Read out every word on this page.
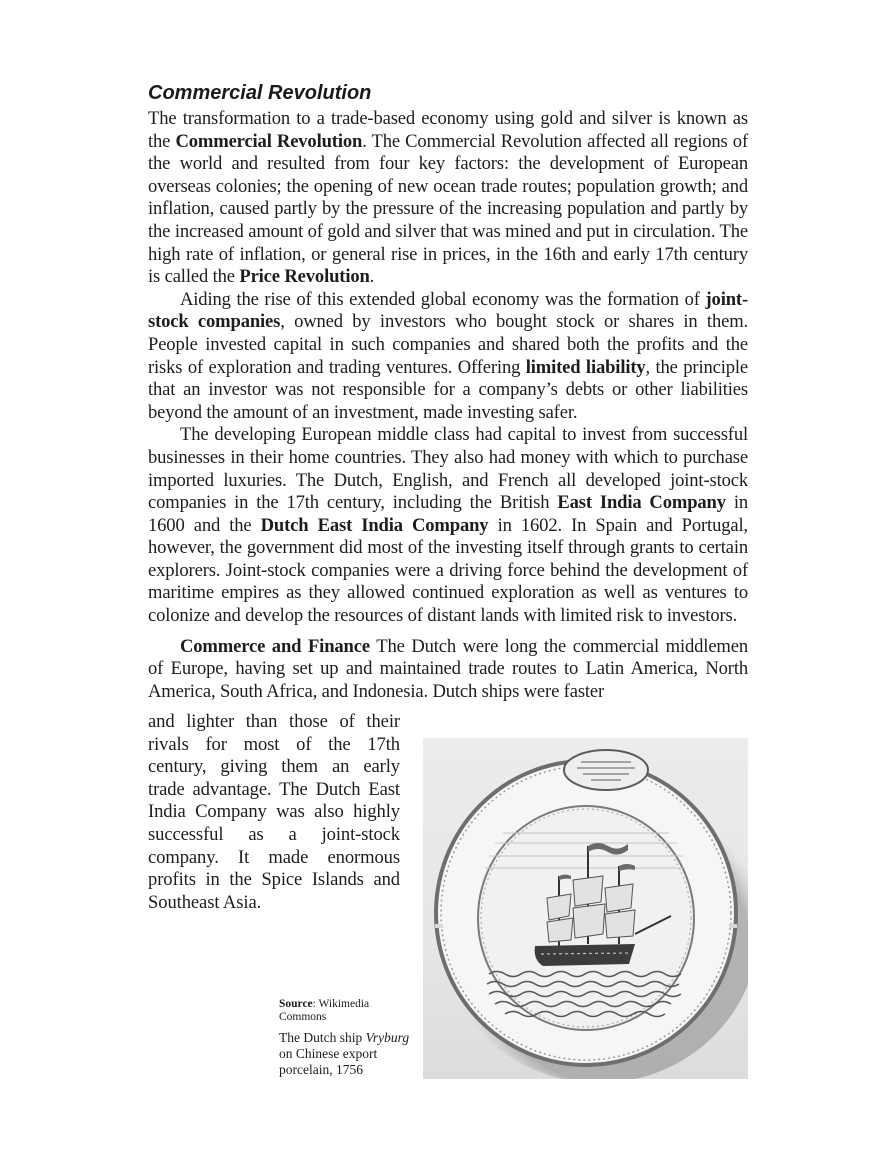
Commercial Revolution

The transformation to a trade-based economy using gold and silver is known as the Commercial Revolution. The Commercial Revolution affected all regions of the world and resulted from four key factors: the development of European overseas colonies; the opening of new ocean trade routes; population growth; and inflation, caused partly by the pressure of the increasing population and partly by the increased amount of gold and silver that was mined and put in circulation. The high rate of inflation, or general rise in prices, in the 16th and early 17th century is called the Price Revolution.

Aiding the rise of this extended global economy was the formation of joint-stock companies, owned by investors who bought stock or shares in them. People invested capital in such companies and shared both the profits and the risks of exploration and trading ventures. Offering limited liability, the principle that an investor was not responsible for a company’s debts or other liabilities beyond the amount of an investment, made investing safer.

The developing European middle class had capital to invest from successful businesses in their home countries. They also had money with which to purchase imported luxuries. The Dutch, English, and French all developed joint-stock companies in the 17th century, including the British East India Company in 1600 and the Dutch East India Company in 1602. In Spain and Portugal, however, the government did most of the investing itself through grants to certain explorers. Joint-stock companies were a driving force behind the development of maritime empires as they allowed continued exploration as well as ventures to colonize and develop the resources of distant lands with limited risk to investors.

Commerce and Finance The Dutch were long the commercial middlemen of Europe, having set up and maintained trade routes to Latin America, North America, South Africa, and Indonesia. Dutch ships were faster

and lighter than those of their rivals for most of the 17th century, giving them an early trade advantage. The Dutch East India Company was also highly successful as a joint-stock company. It made enormous profits in the Spice Islands and Southeast Asia.
Source: Wikimedia Commons
The Dutch ship Vryburg on Chinese export porcelain, 1756
